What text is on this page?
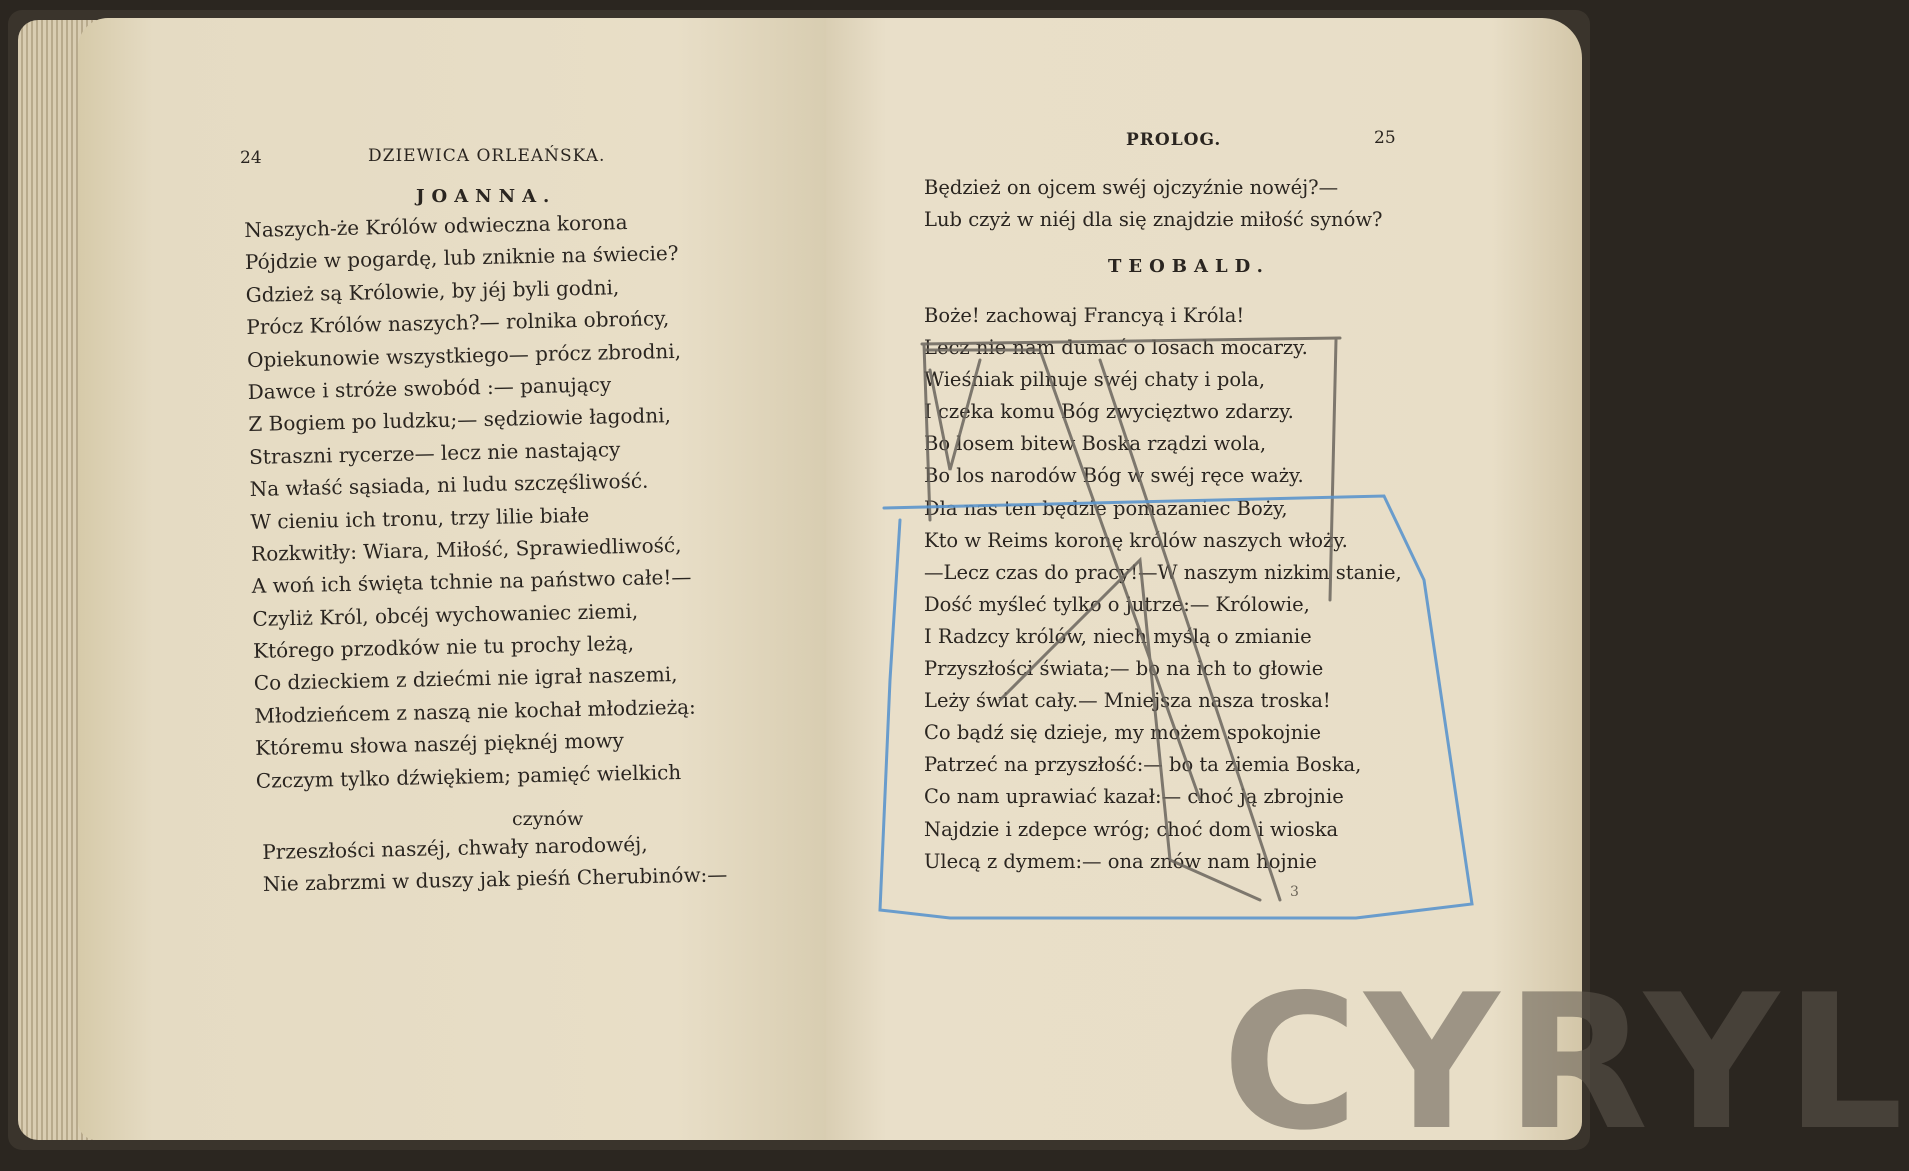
24	DZIEWICA ORLEAŃSKA.
JOANNA.
Naszych-że Królów odwieczna korona
Pójdzie w pogardę, lub zniknie na świecie?
Gdzież są Królowie, by jéj byli godni,
Prócz Królów naszych?— rolnika obrońcy,
Opiekunowie wszystkiego— prócz zbrodni,
Dawce i stróże swobód :— panujący
Z Bogiem po ludzku;— sędziowie łagodni,
Straszni rycerze— lecz nie nastający
Na właść sąsiada, ni ludu szczęśliwość.
W cieniu ich tronu, trzy lilie białe
Rozkwitły: Wiara, Miłość, Sprawiedliwość,
A woń ich święta tchnie na państwo całe!—
Czyliż Król, obcéj wychowaniec ziemi,
Którego przodków nie tu prochy leżą,
Co dzieckiem z dziećmi nie igrał naszemi,
Młodzieńcem z naszą nie kochał młodzieżą:
Któremu słowa naszéj pięknéj mowy
Czczym tylko dźwiękiem; pamięć wielkich
czynów
Przeszłości naszéj, chwały narodowéj,
Nie zabrzmi w duszy jak pieśń Cherubinów:—
PROLOG.	25
Będzież on ojcem swéj ojczyźnie nowéj?—
Lub czyż w niéj dla się znajdzie miłość synów?
TEOBALD.
Boże! zachowaj Francyą i Króla!
Lecz nie nam dumać o losach mocarzy.
Wieśniak pilnuje swéj chaty i pola,
I czeka komu Bóg zwycięztwo zdarzy.
Bo losem bitew Boska rządzi wola,
Bo los narodów Bóg w swéj ręce waży.
Dla nas ten będzie pomazaniec Boży,
Kto w Reims koronę królów naszych włoży.
—Lecz czas do pracy!—W naszym nizkim stanie,
Dość myśleć tylko o jutrze:— Królowie,
I Radzcy królów, niech myślą o zmianie
Przyszłości świata;— bo na ich to głowie
Leży świat cały.— Mniejsza nasza troska!
Co bądź się dzieje, my możem spokojnie
Patrzeć na przyszłość:— bo ta ziemia Boska,
Co nam uprawiać kazał:— choć ją zbrojnie
Najdzie i zdepce wróg; choć dom i wioska
Ulecą z dymem:— ona znów nam hojnie
3
CYRYL
